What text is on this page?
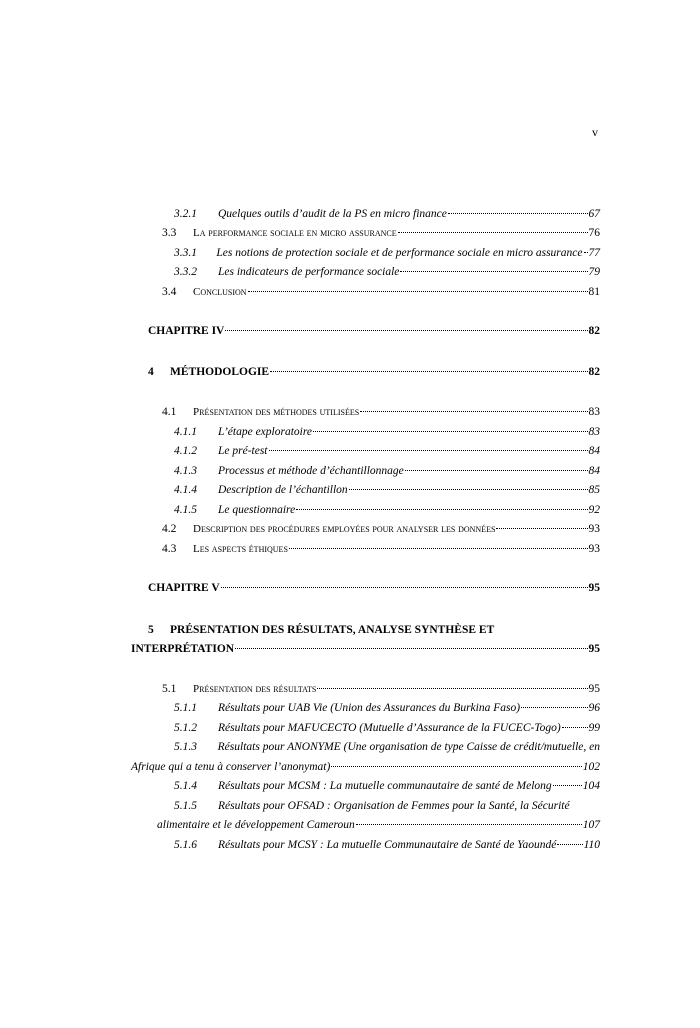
v
3.2.1	Quelques outils d’audit de la PS en micro finance	67
3.3	La performance sociale en micro assurance	76
3.3.1	Les notions de protection sociale et de performance sociale en micro assurance 77
3.3.2	Les indicateurs de performance sociale	79
3.4	Conclusion	81
CHAPITRE IV	82
4	MÉTHODOLOGIE	82
4.1	Présentation des méthodes utilisées	83
4.1.1	L’étape exploratoire	83
4.1.2	Le pré-test	84
4.1.3	Processus et méthode d’échantillonnage	84
4.1.4	Description de l’échantillon	85
4.1.5	Le questionnaire	92
4.2	Description des procédures employées pour analyser les données	93
4.3	Les aspects éthiques	93
CHAPITRE V	95
5	PRÉSENTATION DES RÉSULTATS, ANALYSE SYNTHÈSE ET
INTERPRÉTATION	95
5.1	Présentation des résultats	95
5.1.1	Résultats pour UAB Vie (Union des Assurances du Burkina Faso)	96
5.1.2	Résultats pour MAFUCECTO (Mutuelle d’Assurance de la FUCEC-Togo) 99
5.1.3	Résultats pour ANONYME (Une organisation de type Caisse de crédit/mutuelle, en
Afrique qui a tenu à conserver l’anonymat)	102
5.1.4	Résultats pour MCSM : La mutuelle communautaire de santé de Melong	104
5.1.5	Résultats pour OFSAD : Organisation de Femmes pour la Santé, la Sécurité
alimentaire et le développement Cameroun	107
5.1.6	Résultats pour MCSY : La mutuelle Communautaire de Santé de Yaoundé 110
